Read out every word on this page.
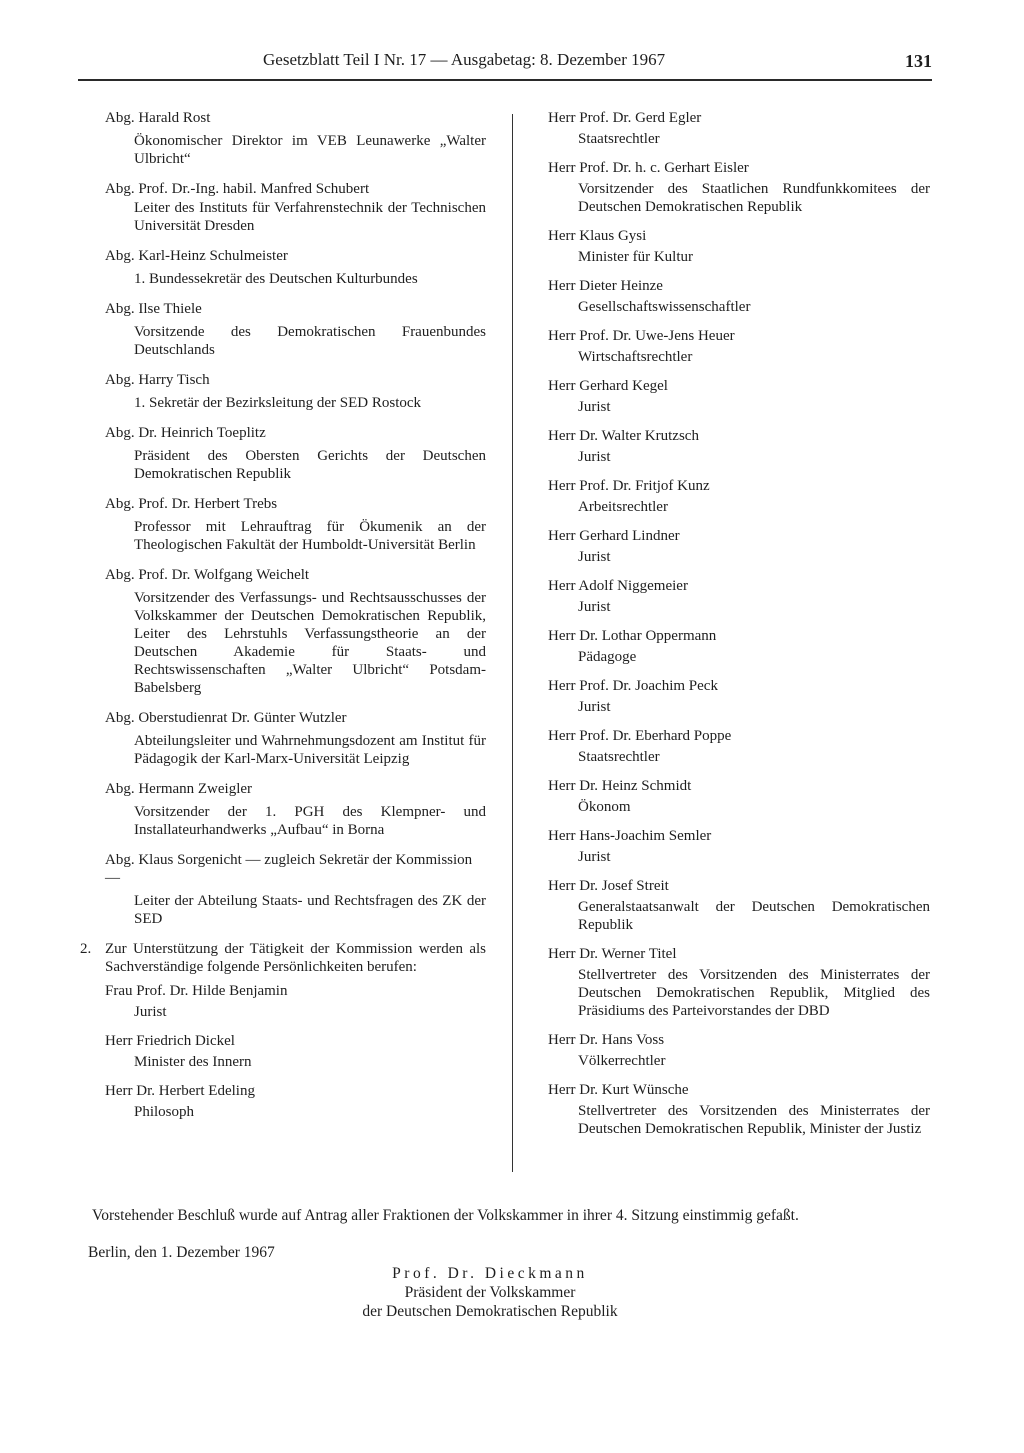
Gesetzblatt Teil I Nr. 17 — Ausgabetag: 8. Dezember 1967	131
Abg. Harald Rost
Ökonomischer Direktor im VEB Leunawerke „Walter Ulbricht“
Abg. Prof. Dr.-Ing. habil. Manfred Schubert
Leiter des Instituts für Verfahrenstechnik der Technischen Universität Dresden
Abg. Karl-Heinz Schulmeister
1. Bundessekretär des Deutschen Kulturbundes
Abg. Ilse Thiele
Vorsitzende des Demokratischen Frauenbundes Deutschlands
Abg. Harry Tisch
1. Sekretär der Bezirksleitung der SED Rostock
Abg. Dr. Heinrich Toeplitz
Präsident des Obersten Gerichts der Deutschen Demokratischen Republik
Abg. Prof. Dr. Herbert Trebs
Professor mit Lehrauftrag für Ökumenik an der Theologischen Fakultät der Humboldt-Universität Berlin
Abg. Prof. Dr. Wolfgang Weichelt
Vorsitzender des Verfassungs- und Rechtsausschusses der Volkskammer der Deutschen Demokratischen Republik, Leiter des Lehrstuhls Verfassungstheorie an der Deutschen Akademie für Staats- und Rechtswissenschaften „Walter Ulbricht“ Potsdam-Babelsberg
Abg. Oberstudienrat Dr. Günter Wutzler
Abteilungsleiter und Wahrnehmungsdozent am Institut für Pädagogik der Karl-Marx-Universität Leipzig
Abg. Hermann Zweigler
Vorsitzender der 1. PGH des Klempner- und Installateurhandwerks „Aufbau“ in Borna
Abg. Klaus Sorgenicht — zugleich Sekretär der Kommission —
Leiter der Abteilung Staats- und Rechtsfragen des ZK der SED
2. Zur Unterstützung der Tätigkeit der Kommission werden als Sachverständige folgende Persönlichkeiten berufen:
Frau Prof. Dr. Hilde Benjamin
Jurist
Herr Friedrich Dickel
Minister des Innern
Herr Dr. Herbert Edeling
Philosoph
Herr Prof. Dr. Gerd Egler
Staatsrechtler
Herr Prof. Dr. h. c. Gerhart Eisler
Vorsitzender des Staatlichen Rundfunkkomitees der Deutschen Demokratischen Republik
Herr Klaus Gysi
Minister für Kultur
Herr Dieter Heinze
Gesellschaftswissenschaftler
Herr Prof. Dr. Uwe-Jens Heuer
Wirtschaftsrechtler
Herr Gerhard Kegel
Jurist
Herr Dr. Walter Krutzsch
Jurist
Herr Prof. Dr. Fritjof Kunz
Arbeitsrechtler
Herr Gerhard Lindner
Jurist
Herr Adolf Niggemeier
Jurist
Herr Dr. Lothar Oppermann
Pädagoge
Herr Prof. Dr. Joachim Peck
Jurist
Herr Prof. Dr. Eberhard Poppe
Staatsrechtler
Herr Dr. Heinz Schmidt
Ökonom
Herr Hans-Joachim Semler
Jurist
Herr Dr. Josef Streit
Generalstaatsanwalt der Deutschen Demokratischen Republik
Herr Dr. Werner Titel
Stellvertreter des Vorsitzenden des Ministerrates der Deutschen Demokratischen Republik, Mitglied des Präsidiums des Parteivorstandes der DBD
Herr Dr. Hans Voss
Völkerrechtler
Herr Dr. Kurt Wünsche
Stellvertreter des Vorsitzenden des Ministerrates der Deutschen Demokratischen Republik, Minister der Justiz
Vorstehender Beschluß wurde auf Antrag aller Fraktionen der Volkskammer in ihrer 4. Sitzung einstimmig gefaßt.
Berlin, den 1. Dezember 1967
Prof. Dr. Dieckmann
Präsident der Volkskammer
der Deutschen Demokratischen Republik
